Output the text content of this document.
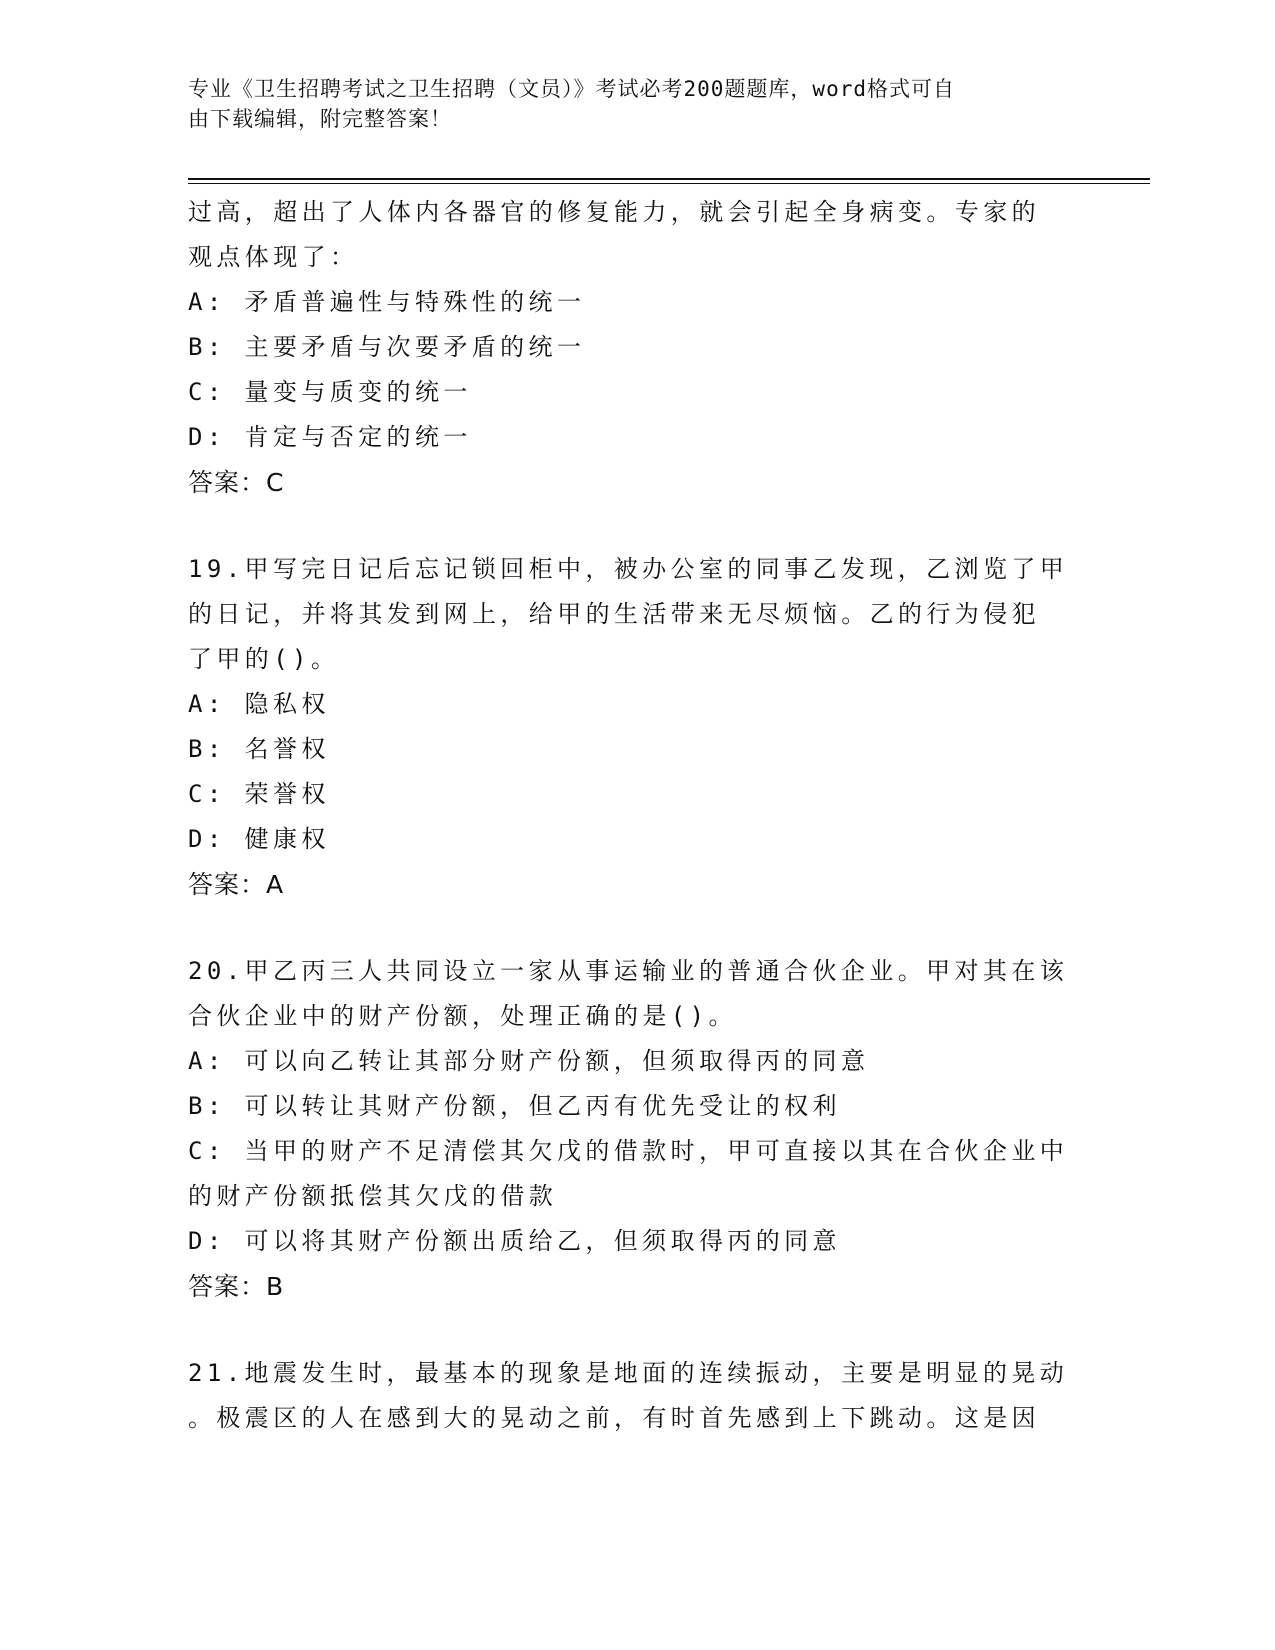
专业《卫生招聘考试之卫生招聘（文员）》考试必考200题题库，word格式可自
由下载编辑，附完整答案！
过高，超出了人体内各器官的修复能力，就会引起全身病变。专家的
观点体现了：
A: 矛盾普遍性与特殊性的统一
B: 主要矛盾与次要矛盾的统一
C: 量变与质变的统一
D: 肯定与否定的统一
答案：C
19.甲写完日记后忘记锁回柜中，被办公室的同事乙发现，乙浏览了甲
的日记，并将其发到网上，给甲的生活带来无尽烦恼。乙的行为侵犯
了甲的()。
A: 隐私权
B: 名誉权
C: 荣誉权
D: 健康权
答案：A
20.甲乙丙三人共同设立一家从事运输业的普通合伙企业。甲对其在该
合伙企业中的财产份额，处理正确的是()。
A: 可以向乙转让其部分财产份额，但须取得丙的同意
B: 可以转让其财产份额，但乙丙有优先受让的权利
C: 当甲的财产不足清偿其欠戊的借款时，甲可直接以其在合伙企业中
的财产份额抵偿其欠戊的借款
D: 可以将其财产份额出质给乙，但须取得丙的同意
答案：B
21.地震发生时，最基本的现象是地面的连续振动，主要是明显的晃动
。极震区的人在感到大的晃动之前，有时首先感到上下跳动。这是因
